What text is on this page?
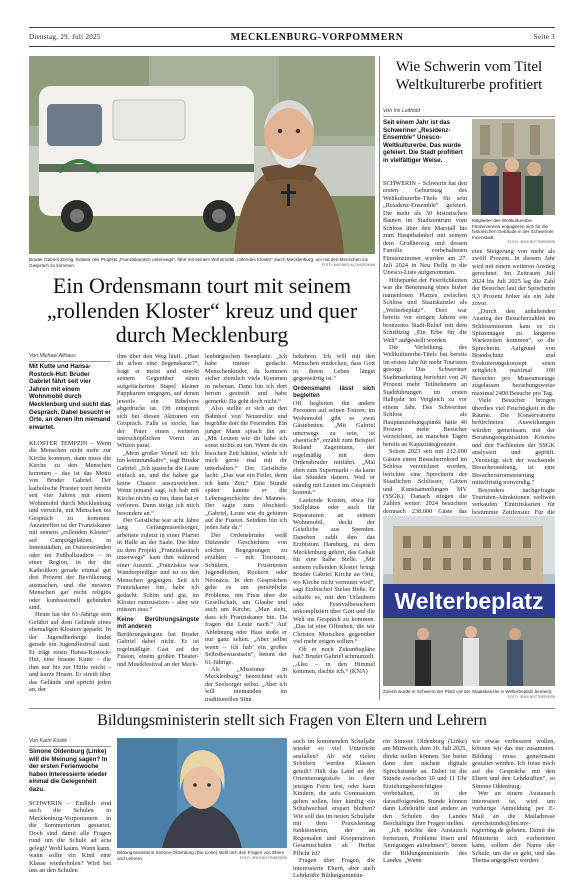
Dienstag, 29. Juli 2025	MECKLENBURG-VORPOMMERN	Seite 3
Bruder Gabriel Zörnig, Initiator des Projekts „Franziskanisch unterwegs“, fährt mit seinem Wohnmobil „rollendes Kloster“ durch Mecklenburg, um mit den Menschen ins Gespräch zu kommen.	FOTO: MICHAEL ALTHAUS/KNA
Ein Ordensmann tourt mit seinem „rollenden Kloster“ kreuz und quer durch Mecklenburg
Von Michael Althaus
Mit Kutte und Hansa-Rostock-Hut: Bruder Gabriel fährt seit vier Jahren mit einem Wohnmobil durch Mecklenburg und sucht das Gespräch. Dabei besucht er Orte, an denen ihn niemand erwartet.

KLOSTER TEMPZIN – Wenn die Menschen nicht mehr zur Kirche kommen, dann muss die Kirche zu den Menschen kommen – das ist das Motto von Bruder Gabriel. Der katholische Priester tourt bereits seit vier Jahren mit einem Wohnmobil durch Mecklenburg und versucht, mit Menschen ins Gespräch zu kommen. Anzutreffen ist der Franziskaner mit seinem „rollenden Kloster“ auf Campingplätzen, in Innenstädten, an Ostseestränden oder im Fußballstadion – in einer Region, in der die Katholiken gerade einmal gut drei Prozent der Bevölkerung ausmachen, und die meisten Menschen gar nicht religiös oder konfessionell gebunden sind.

Heute hat der 61-Jährige sein Gefährt auf dem Gelände eines ehemaligen Klosters geparkt. In der Jugendherberge findet gerade ein Jugendfestival statt. Er trägt einen Hansa-Rostock-Hut, eine braune Kutte – die ihm nur bis zur Hüfte reicht – und kurze Hosen. Er streift über das Gelände und spricht jeden an, der

ihm über den Weg läuft. „Hast du schon eine Segenskarte?“, fragt er meist und streckt seinem Gegenüber einen aufgefächerten Stapel kleiner Pappkarten entgegen, auf denen jeweils ein Bibelvers abgedruckt ist. Oft entspinnt sich bei diesen Aktionen ein Gespräch. Falls es stockt, hat der Pater einen weiteren unerschöpflichen Vorrat an Witzen parat.

„Mein großer Vorteil ist: Ich bin kommunikativ“, sagt Bruder Gabriel. „Ich quatsche die Leute einfach an, und die haben gar keine Chance auszuweichen. Wenn jemand sagt, ich hab mit Kirche nichts zu tun, dann hat er verloren. Dann steige ich mich besonders an.“

Der Geistliche war acht Jahre lang Gefängnisseelsorger, arbeitete zuletzt in einer Pfarrei in Halle an der Saale. Die Idee zu dem Projekt „Franziskanisch unterwegs“ kam ihm während einer Auszeit. „Franziskus war Wanderprediger und ist zu den Menschen gegangen. Seit ich Franziskaner bin, habe ich gedacht: Schön und gut, im Kloster rumzusitzen – aber wir müssen raus.“

Keine Berührungsängste mit anderen

Berührungsängste hat Bruder Gabriel dabei nicht. Er ist regelmäßiger Gast auf der Fusion, einem großen Theater- und Musikfestival an der Meck-

lenburgischen Seenplatte. „Ich habe immer gedacht: Menschenkinder, da kommen sicher ziemlich viele Kommen in nebenan. Dann bin ich dort herum gestreift und habe gemerkt: Da geht doch nicht.“

Also stellte er sich an den Bahnhof von Neustrelitz und begrüßte dort die Feiernden. Ein junger Mann sprach ihn an: „Mit Leuten wie dir habe ich sonst nichts zu tun. Wenn du ein bisschen Zeit hättest, würde ich mich gerne mal mit dir unterhalten.“ Der Geistliche lacht: „Das war ein Feiler, denn ich hatte Zeit.“ Eine Stunde später kannte er die Lebensgeschichte des Mannes. Der sagte zum Abschied: „Gabriel, Leute wie du gehören auf die Fusion. Seitdem bin ich jedes Jahr da.“

Der Ordensbruder weiß Dutzende Geschichten von solchen Begegnungen zu erzählen – mit Touristen, Schülern, Frustrierten Jugendlichen, Rockern oder Neonazis. In den Gesprächen gehe es um persönliche Probleme, um Frust über die Gesellschaft, um Glaube und auch um Kirche. „Man sieht, dass ich Franziskaner bin. Da fragen die Leute nach.“ Auf Ablehnung oder Hass stoße er nur ganz selten. „Aber selbst wenn – ich hab’ ein großes Selbstbewusstsein“, betont der 61-Jährige.

Als „Missionar in Mecklenburg“ bezeichnet sich der Seelsorger selbst. „Aber ich will niemanden im traditionellen Sinn

bekehren. Ich will mit den Menschen entdecken, dass Gott in ihrem Leben längst gegenwärtig ist.“

Ordensmann lässt sich begleiten

Oft begleiten ihn andere Personen auf seinen Touren; im Wohnmobil gibt es zwei Gästebetten. „Mit Gabriel unterwegs zu sein, ist chaotisch“, erzählt zum Beispiel Roland Zagermann, der regelmäßig mit dem Ordensbruder mitfährt. „Mal eben zum Supermarkt – da kann das Stunden dauern. Weil er ständig mit Leuten ins Gespräch kommt.“

Laufende Kosten, etwa für Stellplätze oder auch für Reparaturen an seinem Wohnmobil, deckt der Geistliche aus Spenden. Daneben zahlt ihm das Erzbistum Hamburg, zu dem Mecklenburg gehört, das Gehalt für eine halbe Stelle. „Mit seinem rollenden Kloster bringt Bruder Gabriel Kirche an Orte, wo Kirche nicht vermutet wird“, sagt Erzbischof Stefan Heße. Er schaffe es, mit den Urlaubern oder Festivalbesuchern unkompliziert über Gott und die Welt ins Gespräch zu kommen. „Das ist eine Offenheit, die wir Christen Menschen gegenüber viel mehr zeigen sollten.“

Ob er noch Zukunftspläne hat? Bruder Gabriel schmunzelt. „Also – in den Himmel kommen, dachte ich.“ (KNA)

Wie Schwerin vom Titel Weltkulturerbe profitiert
Von Iris Leithold
Seit einem Jahr ist das Schweriner „Residenz-Ensemble“ Unesco-Weltkulturerbe. Das wurde gefeiert. Die Stadt profitiert in vielfältiger Weise.
Mitglieder des Weltkulturerbe-Fördervereins engagieren sich für die historischen Gebäude in der Schweriner Innenstadt.

FOTO: JENS BÜTTNER/DPA

SCHWERIN – Schwerin hat den ersten Geburtstag des Weltkulturerbe-Titels für sein „Residenz-Ensemble“ gefeiert. Die mehr als 30 historischen Bauten im Stadtzentrum vom Schloss über den Marstall bis zum Hauptbahnhof mit seinem dem Großherzog und dessen Familie vorbehaltenen Fürstenzimmer wurden am 27. Juli 2024 in Neu Delhi in die Unesco-Liste aufgenommen.

Höhepunkt der Feierlichkeiten war die Benennung eines bisher namenlosen Platzes zwischen Schloss und Staatskanzlei als „Welterbeplatz“. Dort war bereits vor einigen Jahren ein bronzenes Stadt-Relief mit dem Schriftzug „Ein Erbe für die Welt“ aufgestellt worden.

Die Verleihung des Weltkulturerbe-Titels hat bereits im ersten Jahr für mehr Touristen gesorgt. Das Schweriner Stadtmarketing berichtet von 26 Prozent mehr Teilnehmern an Stadtführungen im ersten Halbjahr im Vergleich zu vor einem Jahr. Das Schweriner Schloss als Hauptanziehungspunkt hätte 40 Prozent mehr Besucher verzeichnet, an manchen Tagen bereits an Kapazitätsgrenzen.

Schon 2023 seit mit 212.000 Gästen einen Besucherrekord im Schloss verzeichnet worden, berichtet eine Sprecherin der Staatlichen Schlösser, Gärten und Kunstsammlungen MV (SSGK). Danach stiegen die Zahlen weiter: 2024 besuchten demnach 238.000 Gäste das

eine Steigerung von mehr als zwölf Prozent. In diesem Jahr wird mit einem weiteren Anstieg gerechnet. Im Zeitraum Juli 2024 bis Juli 2025 lag die Zahl der Besucher laut der Sprecherin 9,3 Prozent höher als ein Jahr zuvor.

„Durch den anhaltenden Anstieg der Besucherzahlen im Schlossmuseum kam es zu Spitzentagen zu längeren Wartezeiten kommen“, so die Sprecherin. Aufgrund von Brandschutz und Evakuierungskonzept seien zeitgleich maximal 100 Besucher pro Museumsetage zugelassen beziehungsweise maximal 2400 Besuche pro Tag.

Viele Besucher bringen überdies viel Feuchtigkeit in die Räume. Die Konservatoren befürchteten Auswirkungen würden gemeinsam mit der Beratungsorganisation Kosmos und den Fachleuten der SSGK analysiert und geprüft. „Verstetigt sich der wachsende Besucherandrang, ist eine Besucherstromsteuerung mittelfristig notwendig.“

Besonders nachgefragte Touristen-Attraktionen weltweit verkaufen Eintrittskarten für bestimmte Zeitfenster. Für die

Welterbeplatz
Zuletzt wurde in Schwerin der Platz vor der Staatskanzlei in Welterbeplatz benannt.
FOTO: JENS BÜTTNER/DPA
Bildungsministerin stellt sich Fragen von Eltern und Lehrern
Von Karin Koslik
Simone Oldenburg (Linke) will die Meinung sagen? In der ersten Ferienwoche haben Interessierte wieder einmal die Gelegenheit dazu.

SCHWERIN – Endlich sind auch die Schulen in Mecklenburg-Vorpommern in die Sommerferien gestartet. Doch sind damit alle Fragen rund um die Schule ad acta gelegt? Wohl kaum. Wann kann, wann sollte ein Kind eine Klasse wiederholen? Wird bei uns an den Schulen

Bildungsministerin Simone Oldenburg (Die Linke) stellt sich den Fragen von Eltern und Lehrern.	FOTO: JENS BÜTTNER/DPA

auch im kommenden Schuljahr wieder so viel Unterricht ausfallen? Ab wie vielen Schülern werden Klassen geteilt? Hält das Land an der Orientierungsstufe in ihrer jetzigen Form fest, oder kann Kindern, die aufs Gymnasium gehen sollen, hier künftig ein Schulwechsel erspart bleiben? Wie soll das im neuen Schuljahr mit dem Praxislerntag funktionieren, der an Regionalen und Kooperativen Gesamtschulen ab Herbst Pflicht ist?

Fragen über Fragen, die interessierte Eltern, aber auch Lehrkräfte Bildungsministe-

rin Simone Oldenburg (Linke) am Mittwoch, dem 30. Juli 2025, direkt stellen können. Sie bietet dann ihre nächste digitale Sprechstunde an. Dabei ist die Stunde zwischen 10 und 11 Uhr Erziehungsberechtigten vorbehalten, in der darauffolgenden Stunde können dann Lehrkräfte und andere an den Schulen des Landes Beschäftigte ihre Fragen stellen.

„Ich möchte den Austausch fortsetzen, Probleme lösen und Anregungen aufnehmen“, betont die Bildungsministerin des Landes. „Wenn

wir etwas verbessern wollen, können wir das nur zusammen. Bildung muss gemeinsam gestaltet werden. Ich freue mich auf die Gespräche mit den Eltern und den Lehrkräften“, so Simone Oldenburg.

Wer an einem Austausch interessiert ist, wird um vorherige Anmeldung per E-Mail an die Mailadresse sprechstunde@bm.mv-regierung.de gebeten. Damit die Ministerin sich vorbereiten kann, sollten der Name der Schule, um die es geht, und das Thema angegeben werden.
